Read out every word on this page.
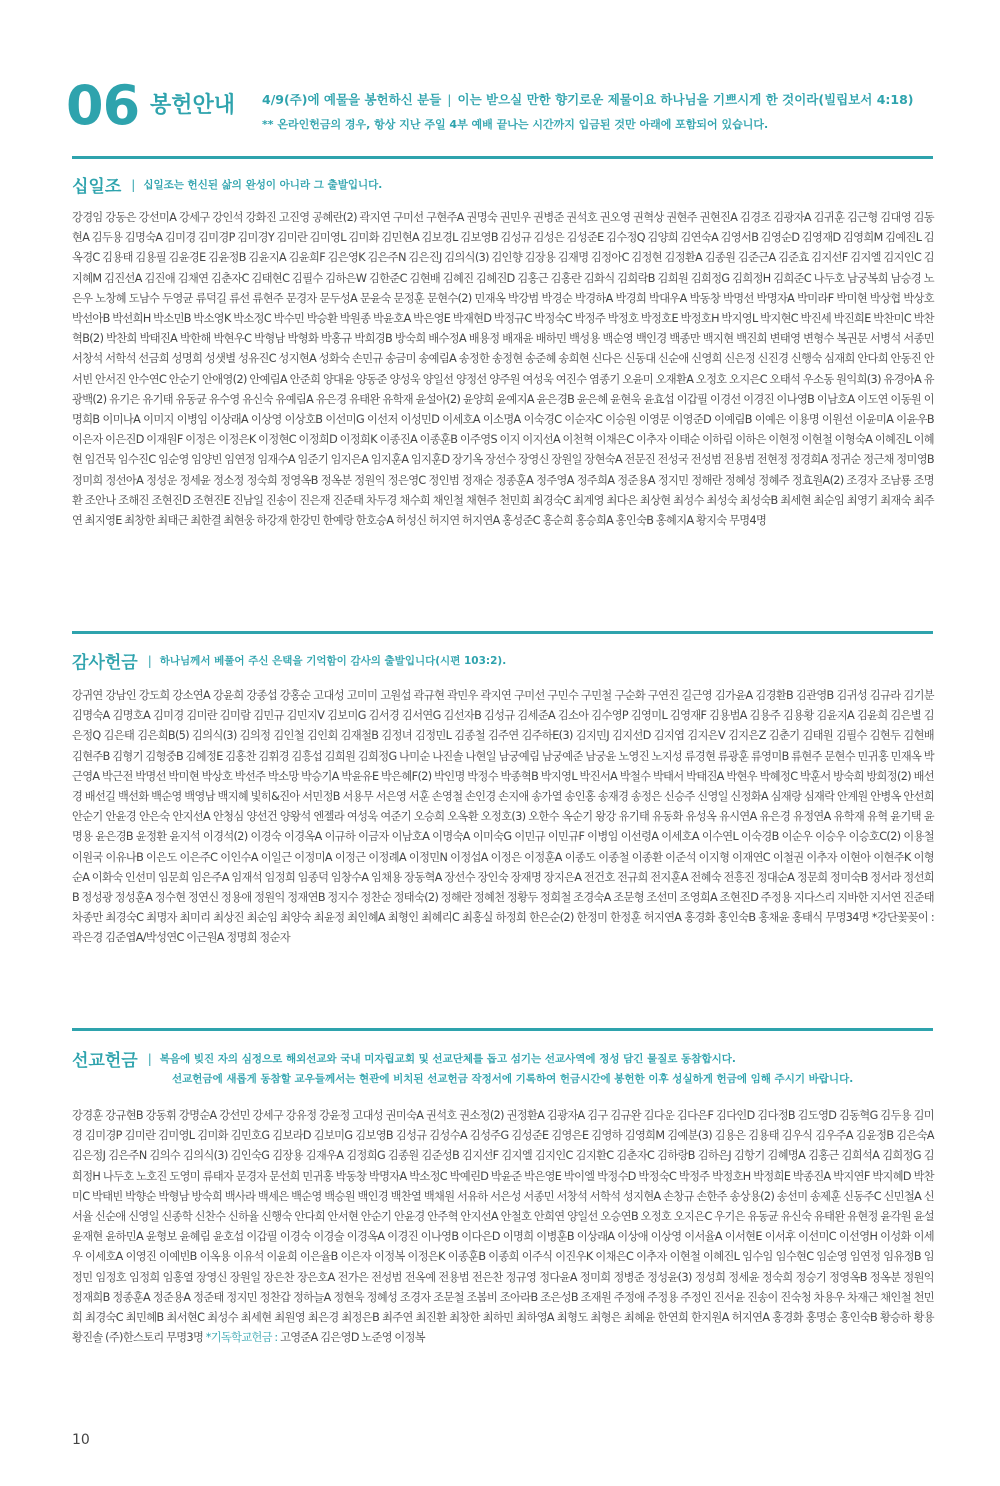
06 봉헌안내 4/9(주)에 예물을 봉헌하신 분들 | 이는 받으실 만한 향기로운 제물이요 하나님을 기쁘시게 한 것이라(빌립보서 4:18)
** 온라인헌금의 경우, 항상 지난 주일 4부 예배 끝나는 시간까지 입금된 것만 아래에 포함되어 있습니다.
십일조 | 십일조는 헌신된 삶의 완성이 아니라 그 출발입니다.

강경임 강동은 강선미A 강세구 강인석 강화진 고진영 공혜란(2) 곽지연 구미선 구현주A 권명숙 권민우 권병준 권석호 권오영 권혁상 권현주 권현진A 김경조 김광자A 김귀훈 김근형 김대영 김동현A 김두용 김명숙A 김미경 김미경P 김미경Y 김미란 김미영L 김미화 김민현A 김보경L 김보영B 김성규 김성은 김성준E 김수정Q 김양희 김연숙A 김영서B 김영순D 김영재D 김영희M 김예진L 김옥경C 김용태 김용필 김윤경E 김윤정B 김윤지A 김윤희F 김은영K 김은주N 김은진J 김의식(3) 김인향 김장용 김재명 김정아C 김정현 김정환A 김종원 김준근A 김준효 김지선F 김지엘 김지인C 김지혜M 김진선A 김진애 김채연 김춘자C 김태현C 김필수 김하은W 김한준C 김현배 김혜진 김혜진D 김홍근 김홍란 김화식 김희락B 김희원 김희정G 김희정H 김희준C 나두호 남궁복희 남승경 노은우 노창혜 도남수 두영균 류덕길 류선 류현주 문경자 문두성A 문윤숙 문정훈 문현수(2) 민재옥 박강범 박경순 박경하A 박경희 박대우A 박동창 박명선 박명자A 박미라F 박미현 박상협 박상호 박선아B 박선희H 박소민B 박소영K 박소정C 박수민 박승환 박원종 박윤호A 박은영E 박재현D 박정규C 박정숙C 박정주 박정호 박정호E 박정호H 박지영L 박지현C 박진세 박진희E 박찬미C 박찬혁B(2) 박찬희 박태진A 박한해 박현우C 박형남 박형화 박홍규 박희경B 방숙희 배수정A 배용정 배재윤 배하민 백성용 백순영 백인경 백종만 백지현 백진희 변태영 변형수 복권문 서병석 서종민 서창석 서학석 선금희 성명희 성샛별 성유진C 성지현A 성화숙 손민규 송금미 송예림A 송정한 송정현 송준혜 송희현 신다은 신동대 신순애 신영희 신은정 신진경 신행숙 심재희 안다희 안동진 안서빈 안서진 안수연C 안순기 안애영(2) 안예림A 안준희 양대윤 양동준 양성욱 양일선 양정선 양주원 여성욱 여진수 염종기 오윤미 오재환A 오정호 오지은C 오태석 우소동 원익희(3) 유경아A 유광백(2) 유기은 유기태 유동균 유수영 유신숙 유예림A 유은경 유태완 유학재 윤설아(2) 윤양희 윤예지A 윤은경B 윤은혜 윤현욱 윤효섭 이갑필 이경선 이경진 이나영B 이남호A 이도연 이동원 이명희B 이미나A 이미지 이병임 이상래A 이상영 이상호B 이선미G 이선저 이성민D 이세호A 이소명A 이숙경C 이순자C 이승원 이영문 이영준D 이예림B 이예은 이용명 이원선 이윤미A 이윤우B 이은자 이은진D 이재원F 이정은 이정은K 이정현C 이정희D 이정희K 이종진A 이종훈B 이주영S 이지 이지선A 이천혁 이채은C 이추자 이태순 이하림 이하은 이현정 이현철 이형숙A 이혜진L 이혜현 임건묵 임수진C 임순영 임양빈 임연정 임재수A 임준기 임지은A 임지훈A 임지훈D 장기옥 장선수 장영신 장원일 장현숙A 전문진 전성국 전성범 전용범 전현정 정경희A 정귀순 정근채 정미영B 정미희 정선아A 정성운 정세윤 정소정 정숙희 정영옥B 정옥분 정원익 정은영C 정인범 정재순 정종훈A 정주영A 정주희A 정준용A 정지민 정해란 정혜성 정혜주 정효원A(2) 조경자 조남룡 조명환 조안나 조해진 조현진D 조현진E 진남일 진송이 진은재 진준태 차두경 채수희 채인철 채현주 천민희 최경숙C 최계영 최다은 최상현 최성수 최성숙 최성숙B 최세현 최순임 최영기 최재숙 최주연 최지영E 최창한 최태근 최한결 최현웅 하강재 한강민 한예랑 한호승A 허성신 허지연 허지연A 홍성준C 홍순희 홍승희A 홍인숙B 홍혜지A 황지숙 무명4명

감사헌금 | 하나님께서 베풀어 주신 은택을 기억함이 감사의 출발입니다(시편 103:2).

강귀연 강남인 강도희 강소연A 강윤희 강종섭 강홍순 고대성 고미미 고원섭 곽규현 곽민우 곽지연 구미선 구민수 구민철 구순화 구연진 길근영 김가윤A 김경환B 김관영B 김귀성 김규라 김기분 김명숙A 김명호A 김미경 김미란 김미람 김민규 김민지V 김보미G 김서경 김서연G 김선자B 김성규 김세준A 김소아 김수영P 김영미L 김영재F 김용범A 김용주 김용황 김윤지A 김윤희 김은별 김은정Q 김은태 김은희B(5) 김의식(3) 김의정 김인철 김인회 김재철B 김정녀 김정민L 김종철 김주연 김주하E(3) 김지민J 김지선D 김지엽 김지은V 김지은Z 김춘기 김태원 김필수 김현두 김현배 김현주B 김형기 김형중B 김혜정E 김홍찬 김휘경 김흥섭 김희원 김희정G 나미순 나진솔 나현일 남궁예림 남궁예준 남궁윤 노영진 노지성 류경현 류광훈 류영미B 류현주 문현수 민귀홍 민재옥 박근영A 박근전 박명선 박미현 박상호 박선주 박소망 박승기A 박윤유E 박은혜F(2) 박인명 박정수 박종혁B 박지영L 박진서A 박철수 박태서 박태진A 박현우 박혜정C 박훈서 방숙희 방희정(2) 배선경 배선길 백선화 백순영 백영남 백지혜 빛히&진아 서민정B 서용무 서은영 서훈 손영철 손인경 손지애 송가열 송인홍 송재경 송정은 신승주 신영일 신정화A 심재랑 심재락 안계원 안병옥 안선희 안순기 안윤경 안은숙 안지선A 안청심 양선건 양왕석 엔젤라 여성욱 여준기 오승희 오옥환 오정호(3) 오한수 옥순기 왕강 유기태 유동화 유성옥 유시연A 유은경 유정연A 유학재 유혁 윤기택 윤명용 윤은경B 윤정환 윤지석 이경석(2) 이경숙 이경옥A 이규하 이금자 이남호A 이명숙A 이미숙G 이민규 이민규F 이병임 이선령A 이세호A 이수연L 이숙경B 이순우 이승우 이승호C(2) 이용철 이원국 이유나B 이은도 이은주C 이인수A 이일근 이정미A 이정근 이정례A 이정민N 이정섭A 이정은 이정훈A 이종도 이종철 이종환 이준석 이지형 이재연C 이철권 이추자 이현아 이현주K 이형순A 이화숙 인선미 임문희 임은주A 임재석 임정희 임종덕 임창수A 임채용 장동혁A 장선수 장인숙 장재명 장지은A 전건호 전규희 전지훈A 전혜숙 전흥진 정대순A 정문희 정미숙B 정서라 정선희B 정성광 정성훈A 정수현 정연신 정용애 정원익 정재연B 정지수 정찬순 정태숙(2) 정해란 정혜천 정황두 정희철 조경숙A 조문형 조선미 조영희A 조현진D 주정용 지다스리 지바한 지서연 진준태 차종만 최경숙C 최명자 최미리 최상진 최순임 최양숙 최윤정 최인혜A 최형인 최혜리C 최홍실 하정희 한은순(2) 한정미 한정훈 허지연A 홍경화 홍인숙B 홍채윤 홍태식 무명34명 *강단꽃꽂이 : 곽은경 김준엽A/박성연C 이근원A 정명희 정순자

선교헌금 | 복음에 빚진 자의 심정으로 해외선교와 국내 미자립교회 및 선교단체를 돕고 섬기는 선교사역에 정성 담긴 물질로 동참합시다.
선교헌금에 새롭게 동참할 교우들께서는 현관에 비치된 선교헌금 작정서에 기록하여 헌금시간에 봉헌한 이후 성실하게 헌금에 임해 주시기 바랍니다.

강경훈 강규현B 강동휘 강명순A 강선민 강세구 강유정 강윤정 고대성 권미숙A 권석호 권소정(2) 권정환A 김광자A 김구 김규완 김다운 김다은F 김다인D 김다정B 김도영D 김동혁G 김두용 김미경 김미경P 김미란 김미영L 김미화 김민호G 김보라D 김보미G 김보영B 김성규 김성수A 김성주G 김성준E 김영은E 김영하 김영희M 김예분(3) 김용은 김용태 김우식 김우주A 김윤정B 김은숙A 김은정J 김은주N 김의수 김의식(3) 김인숙G 김장용 김재우A 김정희G 김종원 김준성B 김지선F 김지엘 김지인C 김지환C 김춘자C 김하랑B 김하은J 김항기 김혜명A 김홍근 김희석A 김희정G 김희정H 나두호 노호진 도영미 류태자 문경자 문선희 민귀홍 박동창 박명자A 박소정C 박예린D 박윤준 박은영E 박이엘 박정수D 박정숙C 박정주 박정호H 박정희E 박종진A 박지연F 박지혜D 박찬미C 박태빈 박향순 박형남 방숙희 백사라 백세은 백순영 백승원 백인경 백찬열 백채원 서유하 서은성 서종민 서창석 서학석 성지현A 손창규 손한주 송상용(2) 송선미 송제훈 신동주C 신민철A 신서율 신순애 신영일 신종학 신찬수 신하율 신행숙 안다희 안서현 안순기 안윤경 안주혁 안지선A 안철호 안희연 양일선 오승연B 오정호 오지은C 우기은 유동균 유신숙 유태완 유현정 윤각원 윤설 윤재현 윤하민A 윤형보 윤혜림 윤호섭 이갑필 이경숙 이경술 이경옥A 이경진 이나영B 이다은D 이명희 이병훈B 이상래A 이상애 이상영 이서율A 이서현E 이서후 이선미C 이선영H 이성화 이세우 이세호A 이영진 이예빈B 이옥용 이유석 이윤희 이은율B 이은자 이정복 이정은K 이종훈B 이종희 이주식 이진우K 이채은C 이추자 이현철 이혜진L 임수임 임수현C 임순영 임연정 임유정B 임정민 임정호 임정희 임홍열 장영신 장원일 장은찬 장은호A 전가은 전성범 전옥예 전용범 전은찬 정규영 정다윤A 정미희 정병준 정성윤(3) 정성희 정세윤 정숙희 정승기 정영옥B 정옥분 정원익 정재희B 정종훈A 정준용A 정준태 정지민 정찬갑 정하늘A 정현욱 정혜성 조경자 조문철 조봄비 조아라B 조은성B 조재원 주정애 주정용 주정인 진서윤 진송이 진숙청 차용우 차재근 채인철 천민희 최경숙C 최민혜B 최서현C 최성수 최세현 최원영 최은경 최정은B 최주연 최진환 최창한 최하민 최하영A 최형도 최형은 최혜윤 한연희 한지원A 허지연A 홍경화 홍명순 홍인숙B 황승하 황용 황진솔 (주)한스토리 무명3명 *기독학교헌금 : 고영준A 김은영D 노준영 이정복

10
